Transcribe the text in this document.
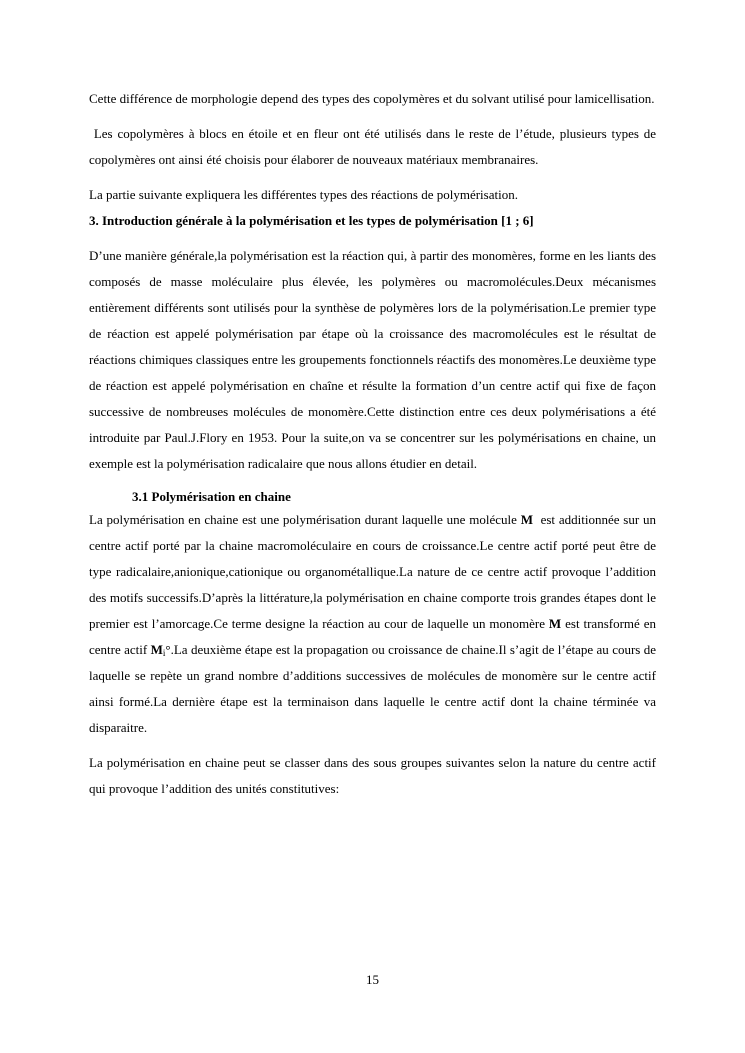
Cette différence de morphologie depend des types des copolymères et du solvant utilisé pour lamicellisation.

Les copolymères à blocs en étoile et en fleur ont été utilisés dans le reste de l’étude, plusieurs types de copolymères ont ainsi été choisis pour élaborer de nouveaux matériaux membranaires.

La partie suivante expliquera les différentes types des réactions de polymérisation.

3. Introduction générale à la polymérisation et les types de polymérisation [1 ; 6]

D’une manière générale,la polymérisation est la réaction qui, à partir des monomères, forme en les liants des composés de masse moléculaire plus élevée, les polymères ou macromolécules.Deux mécanismes entièrement différents sont utilisés pour la synthèse de polymères lors de la polymérisation.Le premier type de réaction est appelé polymérisation par étape où la croissance des macromolécules est le résultat de réactions chimiques classiques entre les groupements fonctionnels réactifs des monomères.Le deuxième type de réaction est appelé polymérisation en chaîne et résulte la formation d’un centre actif qui fixe de façon successive de nombreuses molécules de monomère.Cette distinction entre ces deux polymérisations a été introduite par Paul.J.Flory en 1953. Pour la suite,on va se concentrer sur les polymérisations en chaine, un exemple est la polymérisation radicalaire que nous allons étudier en detail.

3.1 Polymérisation en chaine

La polymérisation en chaine est une polymérisation durant laquelle une molécule M  est additionnée sur un centre actif porté par la chaine macromoléculaire en cours de croissance.Le centre actif porté peut être de type radicalaire,anionique,cationique ou organométallique.La nature de ce centre actif provoque l’addition des motifs successifs.D’après la littérature,la polymérisation en chaine comporte trois grandes étapes dont le premier est l’amorcage.Ce terme designe la réaction au cour de laquelle un monomère M est transformé en centre actif $M_i^\circ.La$ deuxième étape est la propagation ou croissance de chaine.Il s’agit de l’étape au cours de laquelle se repète un grand nombre d’additions successives de molécules de monomère sur le centre actif ainsi formé.La dernière étape est la terminaison dans laquelle le centre actif dont la chaine términée va disparaitre.

La polymérisation en chaine peut se classer dans des sous groupes suivantes selon la nature du centre actif qui provoque l’addition des unités constitutives:

15
